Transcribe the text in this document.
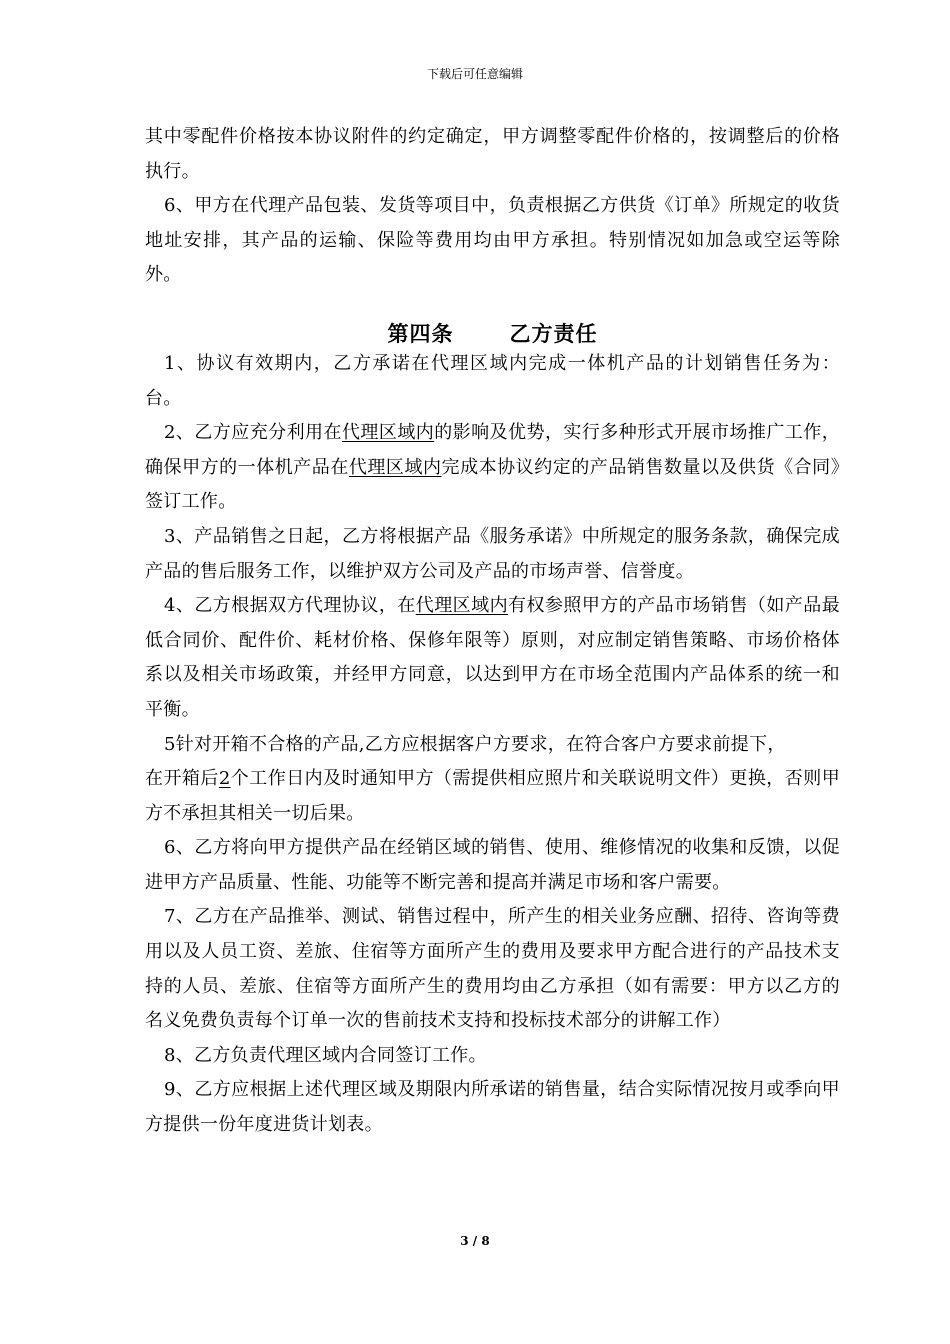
下载后可任意编辑

其中零配件价格按本协议附件的约定确定，甲方调整零配件价格的，按调整后的价格执行。

6、甲方在代理产品包装、发货等项目中，负责根据乙方供货《订单》所规定的收货地址安排，其产品的运输、保险等费用均由甲方承担。特别情况如加急或空运等除外。

第四条	乙方责任

1、协议有效期内，乙方承诺在代理区域内完成一体机产品的计划销售任务为： 台。

2、乙方应充分利用在代理区域内的影响及优势，实行多种形式开展市场推广工作，确保甲方的一体机产品在代理区域内完成本协议约定的产品销售数量以及供货《合同》签订工作。

3、产品销售之日起，乙方将根据产品《服务承诺》中所规定的服务条款，确保完成产品的售后服务工作，以维护双方公司及产品的市场声誉、信誉度。

4、乙方根据双方代理协议，在代理区域内有权参照甲方的产品市场销售（如产品最低合同价、配件价、耗材价格、保修年限等）原则，对应制定销售策略、市场价格体系以及相关市场政策，并经甲方同意，以达到甲方在市场全范围内产品体系的统一和平衡。

5针对开箱不合格的产品,乙方应根据客户方要求，在符合客户方要求前提下，

在开箱后2个工作日内及时通知甲方（需提供相应照片和关联说明文件）更换，否则甲方不承担其相关一切后果。

6、乙方将向甲方提供产品在经销区域的销售、使用、维修情况的收集和反馈，以促进甲方产品质量、性能、功能等不断完善和提高并满足市场和客户需要。

7、乙方在产品推举、测试、销售过程中，所产生的相关业务应酬、招待、咨询等费用以及人员工资、差旅、住宿等方面所产生的费用及要求甲方配合进行的产品技术支持的人员、差旅、住宿等方面所产生的费用均由乙方承担（如有需要：甲方以乙方的名义免费负责每个订单一次的售前技术支持和投标技术部分的讲解工作）

8、乙方负责代理区域内合同签订工作。

9、乙方应根据上述代理区域及期限内所承诺的销售量，结合实际情况按月或季向甲方提供一份年度进货计划表。

3 / 8
